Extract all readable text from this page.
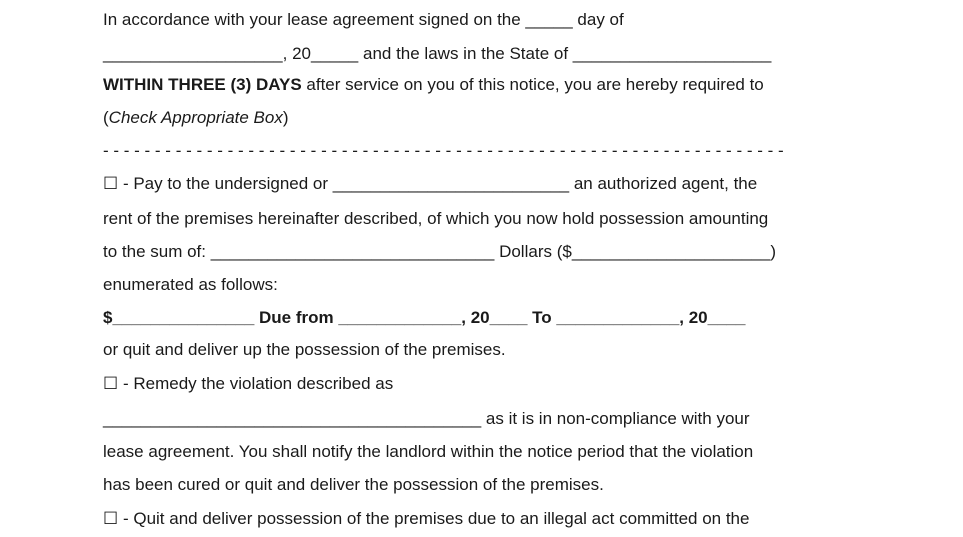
In accordance with your lease agreement signed on the _____ day of
___________________, 20_____ and the laws in the State of _____________________
WITHIN THREE (3) DAYS after service on you of this notice, you are hereby required to
(Check Appropriate Box)
- - - - - - - - - - - - - - - - - - - - - - - - - - - - - - - - - - - - - - - - - - - - - - - - - - - - - - - - - - - - - - - - - -
☐ - Pay to the undersigned or _________________________ an authorized agent, the
rent of the premises hereinafter described, of which you now hold possession amounting
to the sum of: ______________________________ Dollars ($_____________________)
enumerated as follows:
$_______________ Due from _____________, 20____ To _____________, 20____
or quit and deliver up the possession of the premises.
☐ - Remedy the violation described as
________________________________________ as it is in non-compliance with your
lease agreement. You shall notify the landlord within the notice period that the violation
has been cured or quit and deliver the possession of the premises.
☐ - Quit and deliver possession of the premises due to an illegal act committed on the
